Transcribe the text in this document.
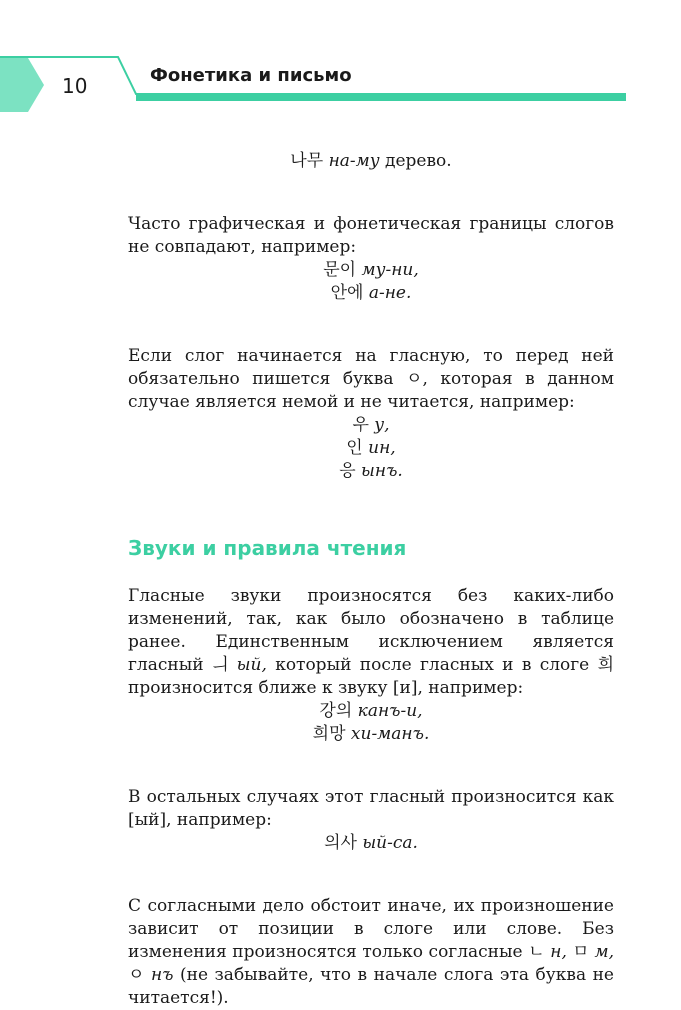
10	Фонетика и письмо

나무 на-му дерево.

Часто графическая и фонетическая границы слогов не совпадают, например:

문이 му-ни,

안에 а-не.

Если слог начинается на гласную, то перед ней обязательно пишется буква ㅇ, которая в данном случае является немой и не читается, например:

우 у,

인 ин,

응 ынъ.

Звуки и правила чтения

Гласные звуки произносятся без каких-либо изменений, так, как было обозначено в таблице ранее. Единственным исключением является гласный ㅢ ый, который после гласных и в слоге 희 произносится ближе к звуку [и], например:

강의 канъ-и,

희망 хи-манъ.

В остальных случаях этот гласный произносится как [ый], например:

의사 ый-са.

С согласными дело обстоит иначе, их произношение зависит от позиции в слоге или слове. Без изменения произносятся только согласные ㄴ н, ㅁ м, ㅇ нъ (не забывайте, что в начале слога эта буква не читается!).
